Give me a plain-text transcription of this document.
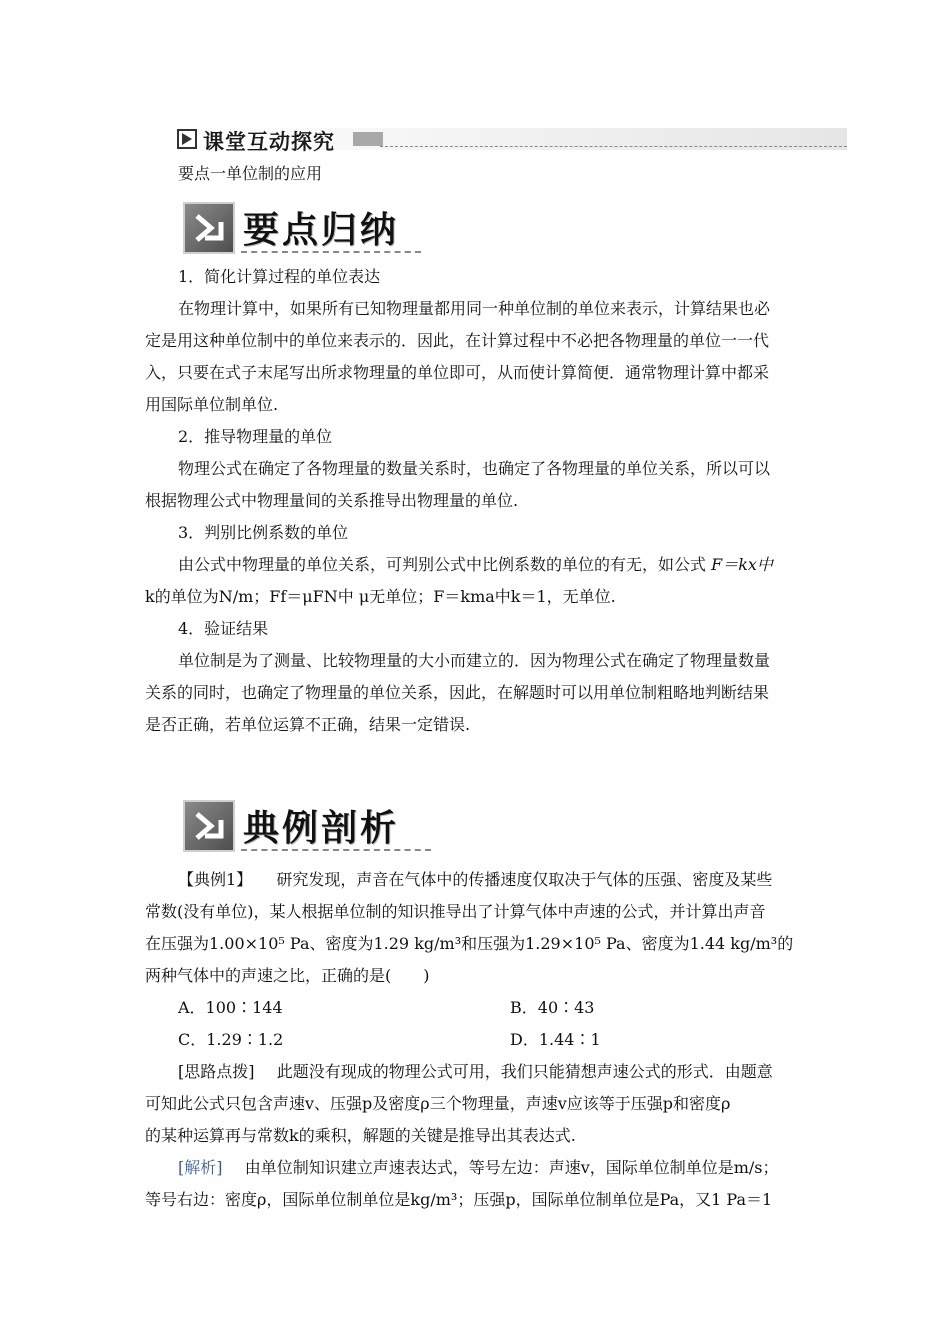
课堂互动探究
要点一单位制的应用
要点归纳
1．简化计算过程的单位表达
在物理计算中，如果所有已知物理量都用同一种单位制的单位来表示，计算结果也必
定是用这种单位制中的单位来表示的．因此，在计算过程中不必把各物理量的单位一一代
入，只要在式子末尾写出所求物理量的单位即可，从而使计算简便．通常物理计算中都采
用国际单位制单位.
2．推导物理量的单位
物理公式在确定了各物理量的数量关系时，也确定了各物理量的单位关系，所以可以
根据物理公式中物理量间的关系推导出物理量的单位.
3．判别比例系数的单位
由公式中物理量的单位关系，可判别公式中比例系数的单位的有无，如公式 F＝kx中
k的单位为N/m；Ff＝μFN中 μ无单位；F＝kma中k＝1，无单位.
4．验证结果
单位制是为了测量、比较物理量的大小而建立的．因为物理公式在确定了物理量数量
关系的同时，也确定了物理量的单位关系，因此，在解题时可以用单位制粗略地判断结果
是否正确，若单位运算不正确，结果一定错误.
典例剖析
【典例1】 研究发现，声音在气体中的传播速度仅取决于气体的压强、密度及某些
常数(没有单位)，某人根据单位制的知识推导出了计算气体中声速的公式，并计算出声音
在压强为1.00×10⁵ Pa、密度为1.29 kg/m³和压强为1.29×10⁵ Pa、密度为1.44 kg/m³的
两种气体中的声速之比，正确的是(　　)
A．100∶144	B．40∶43
C．1.29∶1.2	D．1.44∶1
[思路点拨] 此题没有现成的物理公式可用，我们只能猜想声速公式的形式．由题意
可知此公式只包含声速v、压强p及密度ρ三个物理量，声速v应该等于压强p和密度ρ
的某种运算再与常数k的乘积，解题的关键是推导出其表达式.
[解析] 由单位制知识建立声速表达式，等号左边：声速v，国际单位制单位是m/s；
等号右边：密度ρ，国际单位制单位是kg/m³；压强p，国际单位制单位是Pa，又1 Pa＝1
